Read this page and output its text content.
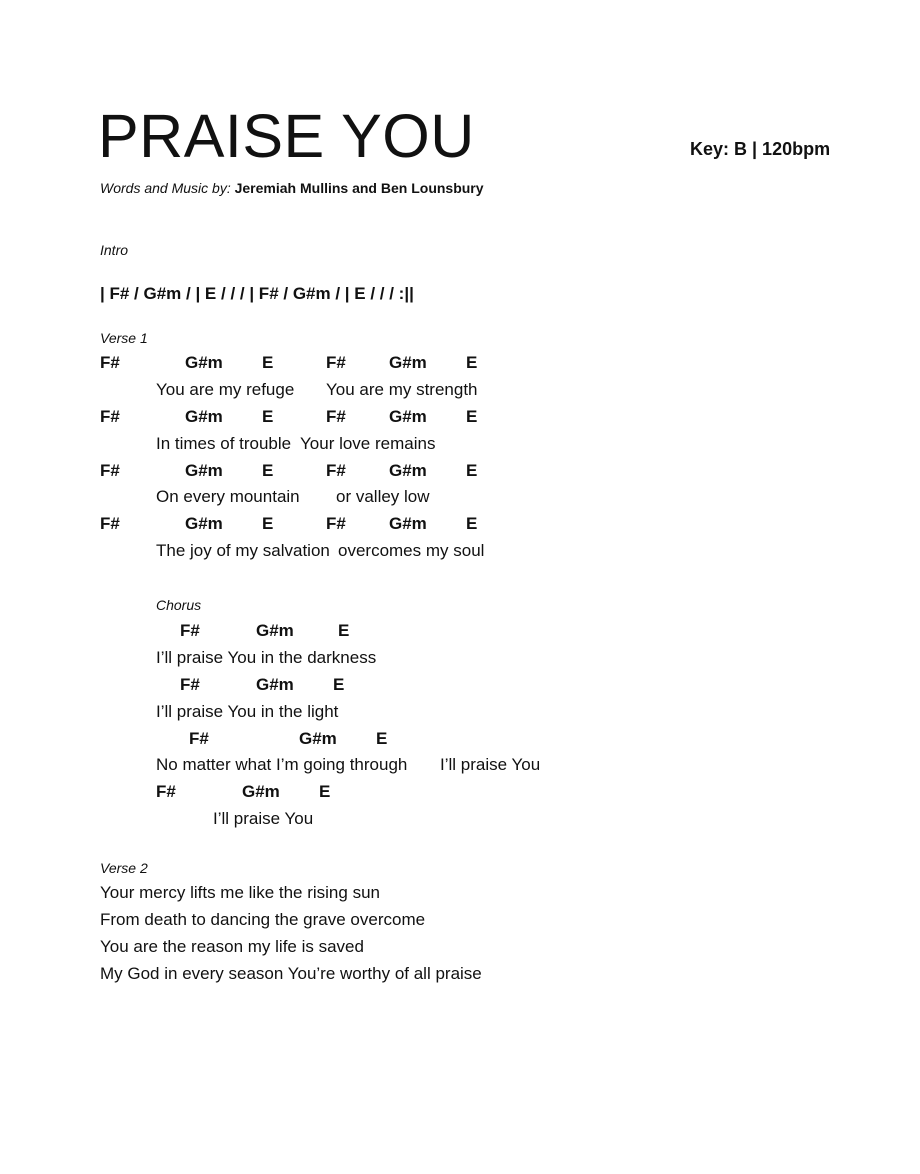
PRAISE YOU	Key: B | 120bpm
Words and Music by: Jeremiah Mullins and Ben Lounsbury
Intro
| F# / G#m / | E / / / | F# / G#m / | E / / / :||
Verse 1
F#	G#m E	F#	G#m E
You are my refuge You are my strength
F#	G#m E	F#	G#m E
In times of trouble Your love remains
F#	G#m E	F#	G#m E
On every mountain or valley low
F#	G#m E	F#	G#m E
The joy of my salvation overcomes my soul
Chorus
F#	G#m	E
I’ll praise You in the darkness
F#	G#m E
I’ll praise You in the light
F#	G#m E
No matter what I’m going through I’ll praise You
F#	G#m E
I’ll praise You
Verse 2
Your mercy lifts me like the rising sun
From death to dancing the grave overcome
You are the reason my life is saved
My God in every season You’re worthy of all praise
